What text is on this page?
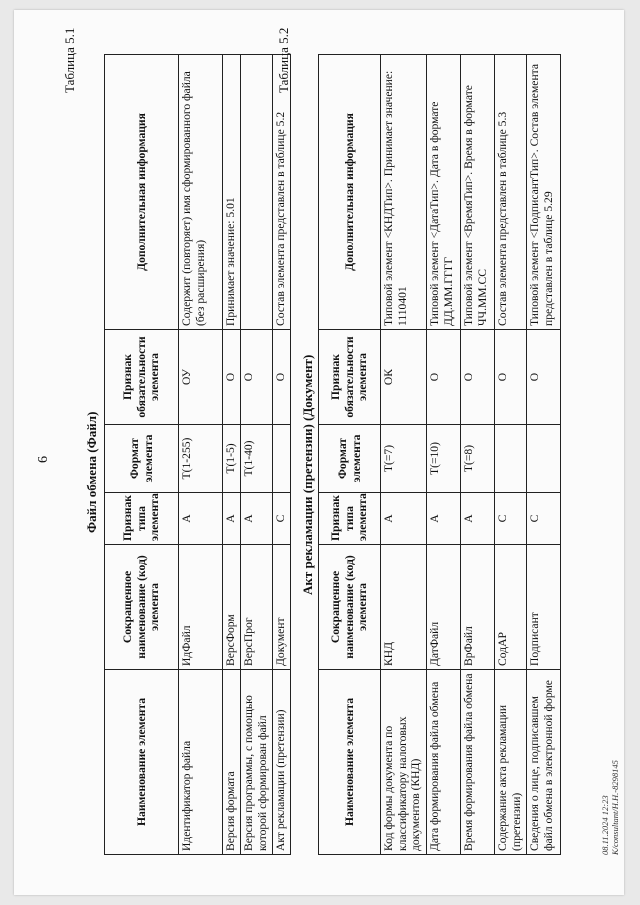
6
Таблица 5.1
Файл обмена (Файл)
Наименование элемента	Сокращенное наименование (код) элемента	Признак типа элемента	Формат элемента	Признак обязательности элемента	Дополнительная информация
Идентификатор файла	ИдФайл	А	T(1-255)	ОУ	Содержит (повторяет) имя сформированного файла (без расширения)
Версия формата	ВерсФорм	А	T(1-5)	О	Принимает значение: 5.01
Версия программы, с помощью которой сформирован файл	ВерсПрог	А	T(1-40)	О	
Акт рекламации (претензии)	Документ	С		О	Состав элемента представлен в таблице 5.2
Таблица 5.2
Акт рекламации (претензии) (Документ)
Наименование элемента	Сокращенное наименование (код) элемента	Признак типа элемента	Формат элемента	Признак обязательности элемента	Дополнительная информация
Код формы документа по классификатору налоговых документов (КНД)	КНД	А	T(=7)	ОК	Типовой элемент <КНДТип>. Принимает значение: 1110401
Дата формирования файла обмена	ДатФайл	А	T(=10)	О	Типовой элемент <ДатаТип>. Дата в формате ДД.ММ.ГГГГ
Время формирования файла обмена	ВрФайл	А	T(=8)	О	Типовой элемент <ВремяТип>. Время в формате ЧЧ.ММ.СС
Содержание акта рекламации (претензии)	СодАР	С		О	Состав элемента представлен в таблице 5.3
Сведения о лице, подписавшем файл обмена в электронной форме	Подписант	С		О	Типовой элемент <ПодписантТип>. Состав элемента представлен в таблице 5.29
08.11.2024 12:23 К/consultant/Н.Н.-8298145
